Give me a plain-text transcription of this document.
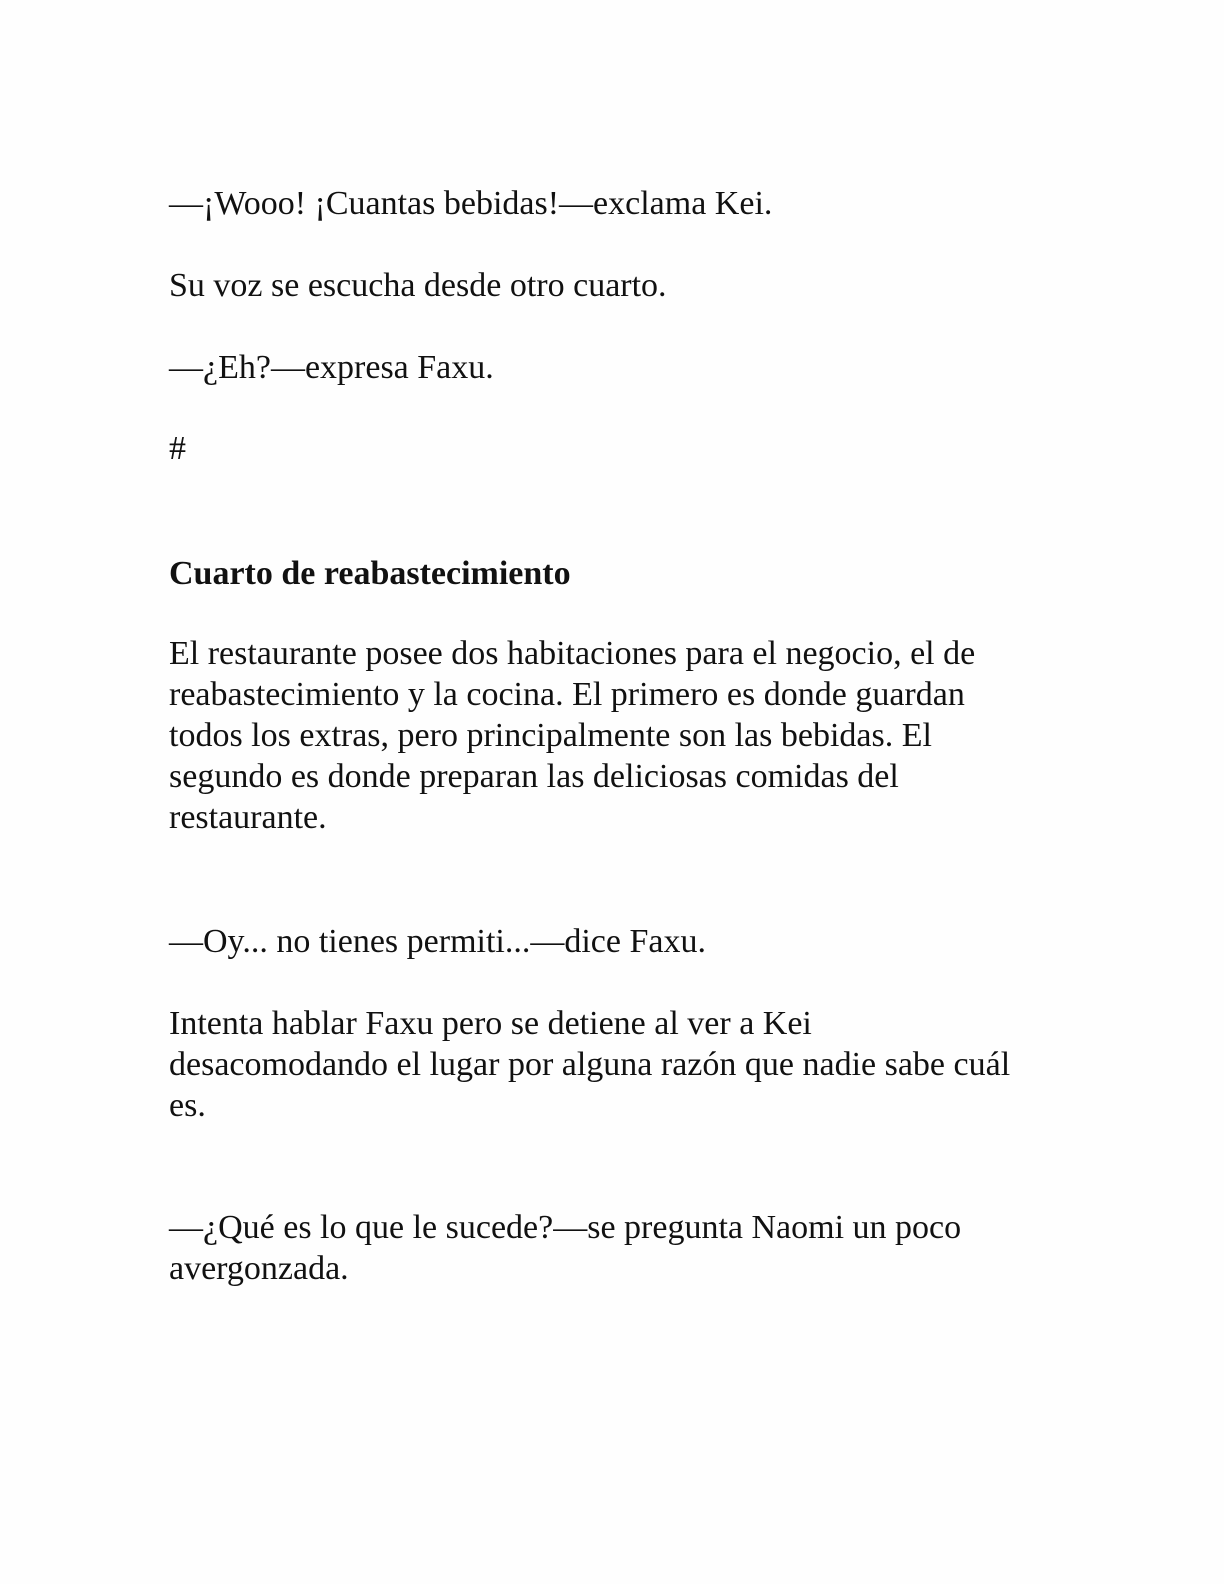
—¡Wooo! ¡Cuantas bebidas!—exclama Kei.

Su voz se escucha desde otro cuarto.

—¿Eh?—expresa Faxu.

#

Cuarto de reabastecimiento

El restaurante posee dos habitaciones para el negocio, el de reabastecimiento y la cocina. El primero es donde guardan todos los extras, pero principalmente son las bebidas. El segundo es donde preparan las deliciosas comidas del restaurante.

—Oy... no tienes permiti...—dice Faxu.

Intenta hablar Faxu pero se detiene al ver a Kei desacomodando el lugar por alguna razón que nadie sabe cuál es.

—¿Qué es lo que le sucede?—se pregunta Naomi un poco avergonzada.
